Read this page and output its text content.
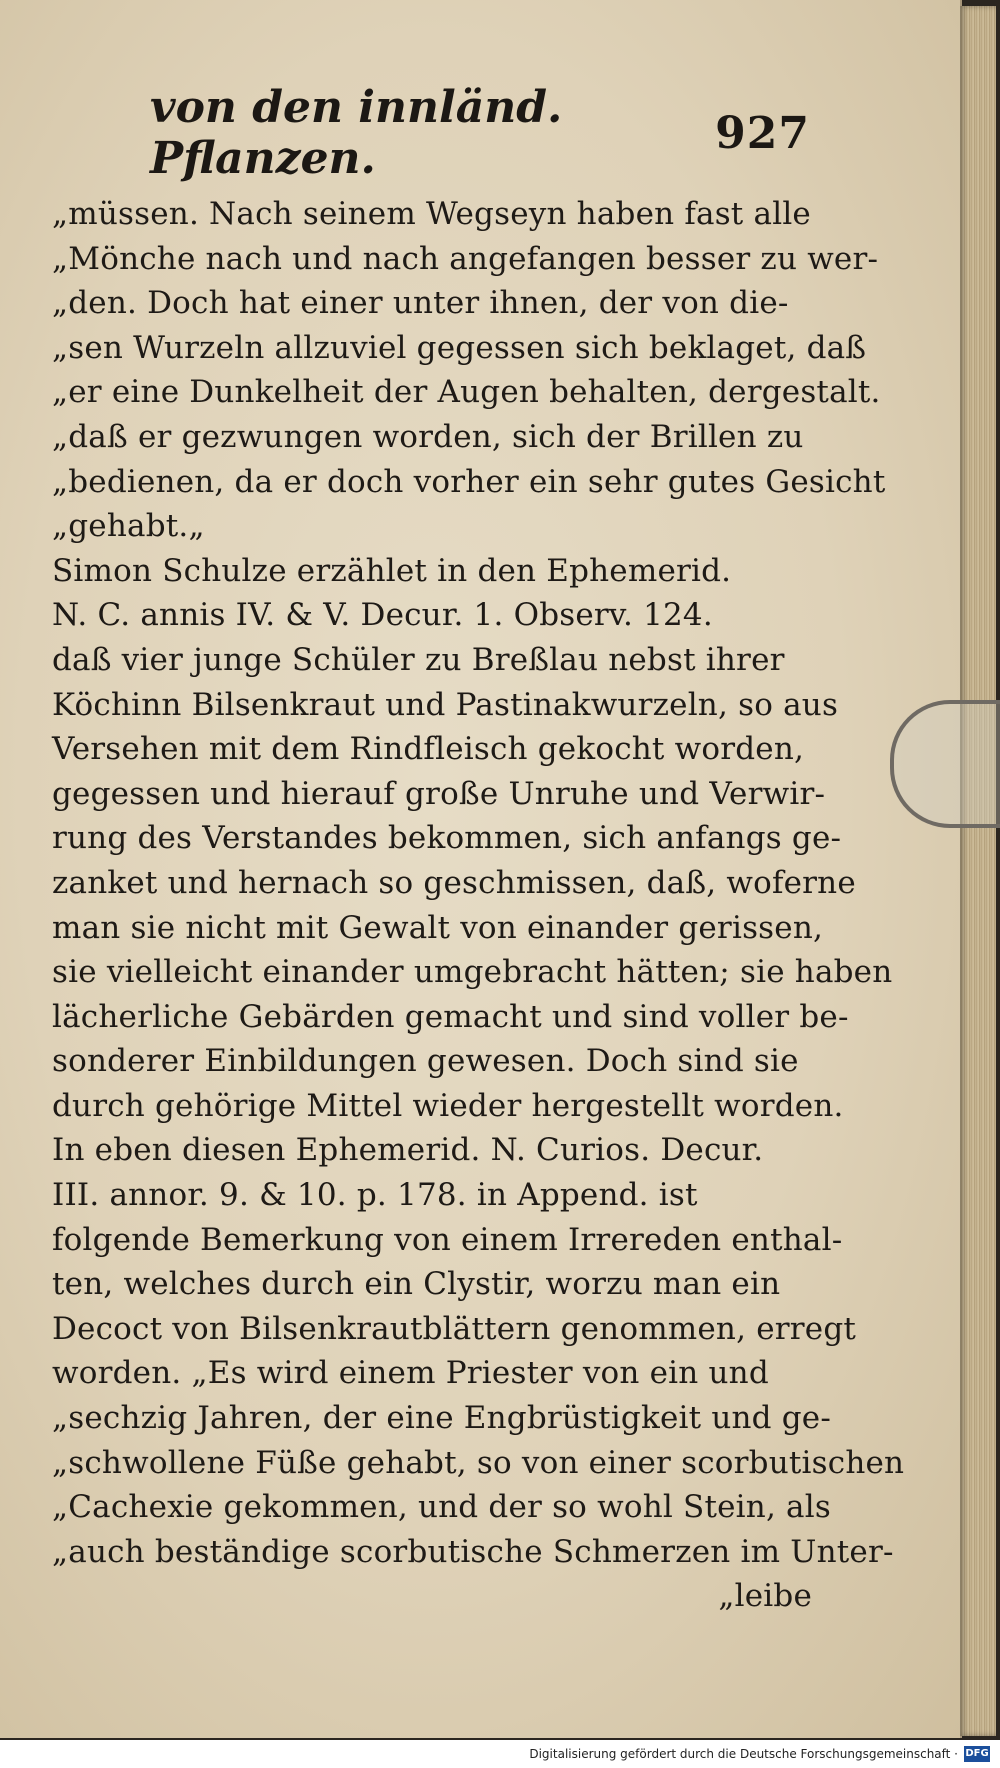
von den innländ. Pflanzen.	927
„müssen. Nach seinem Wegseyn haben fast alle
„Mönche nach und nach angefangen besser zu wer-
„den. Doch hat einer unter ihnen, der von die-
„sen Wurzeln allzuviel gegessen sich beklaget, daß
„er eine Dunkelheit der Augen behalten, dergestalt.
„daß er gezwungen worden, sich der Brillen zu
„bedienen, da er doch vorher ein sehr gutes Gesicht
„gehabt.„
Simon Schulze erzählet in den Ephemerid.
N. C. annis IV. & V. Decur. 1. Observ. 124.
daß vier junge Schüler zu Breßlau nebst ihrer
Köchinn Bilsenkraut und Pastinakwurzeln, so aus
Versehen mit dem Rindfleisch gekocht worden,
gegessen und hierauf große Unruhe und Verwir-
rung des Verstandes bekommen, sich anfangs ge-
zanket und hernach so geschmissen, daß, woferne
man sie nicht mit Gewalt von einander gerissen,
sie vielleicht einander umgebracht hätten; sie haben
lächerliche Gebärden gemacht und sind voller be-
sonderer Einbildungen gewesen. Doch sind sie
durch gehörige Mittel wieder hergestellt worden.
In eben diesen Ephemerid. N. Curios. Decur.
III. annor. 9. & 10. p. 178. in Append. ist
folgende Bemerkung von einem Irrereden enthal-
ten, welches durch ein Clystir, worzu man ein
Decoct von Bilsenkrautblättern genommen, erregt
worden. „Es wird einem Priester von ein und
„sechzig Jahren, der eine Engbrüstigkeit und ge-
„schwollene Füße gehabt, so von einer scorbutischen
„Cachexie gekommen, und der so wohl Stein, als
„auch beständige scorbutische Schmerzen im Unter-
„leibe
Digitalisierung gefördert durch die Deutsche Forschungsgemeinschaft · DFG
